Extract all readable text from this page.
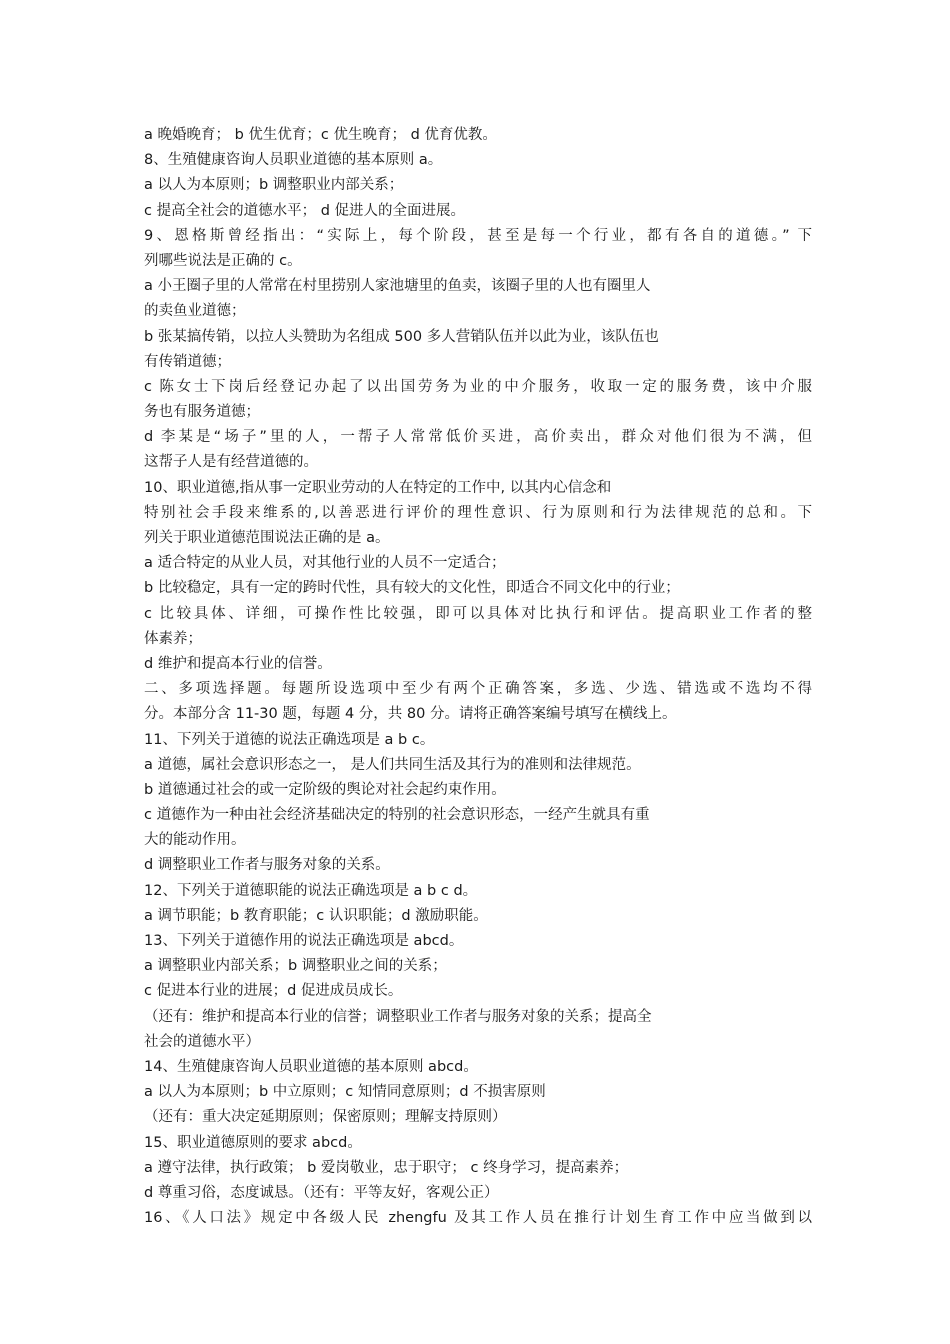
a 晚婚晚育； b 优生优育；c 优生晚育； d 优育优教。
8、生殖健康咨询人员职业道德的基本原则 a。
a 以人为本原则；b 调整职业内部关系；
c 提高全社会的道德水平； d 促进人的全面进展。
9、恩格斯曾经指出：“实际上，每个阶段，甚至是每一个行业，都有各自的道德。” 下
列哪些说法是正确的 c。
a 小王圈子里的人常常在村里捞别人家池塘里的鱼卖，该圈子里的人也有圈里人
的卖鱼业道德；
b 张某搞传销，以拉人头赞助为名组成 500 多人营销队伍并以此为业，该队伍也
有传销道德；
c 陈女士下岗后经登记办起了以出国劳务为业的中介服务，收取一定的服务费，该中介服
务也有服务道德；
d 李某是“场子”里的人，一帮子人常常低价买进，高价卖出，群众对他们很为不满，但
这帮子人是有经营道德的。
10、职业道德,指从事一定职业劳动的人在特定的工作中, 以其内心信念和
特别社会手段来维系的,以善恶进行评价的理性意识、行为原则和行为法律规范的总和。下
列关于职业道德范围说法正确的是 a。
a 适合特定的从业人员，对其他行业的人员不一定适合；
b 比较稳定，具有一定的跨时代性，具有较大的文化性，即适合不同文化中的行业；
c 比较具体、详细，可操作性比较强，即可以具体对比执行和评估。提高职业工作者的整
体素养；
d 维护和提高本行业的信誉。
二、多项选择题。每题所设选项中至少有两个正确答案，多选、少选、错选或不选均不得
分。本部分含 11-30 题，每题 4 分，共 80 分。请将正确答案编号填写在横线上。
11、下列关于道德的说法正确选项是 a b c。
a 道德，属社会意识形态之一， 是人们共同生活及其行为的准则和法律规范。
b 道德通过社会的或一定阶级的舆论对社会起约束作用。
c 道德作为一种由社会经济基础决定的特别的社会意识形态，一经产生就具有重
大的能动作用。
d 调整职业工作者与服务对象的关系。
12、下列关于道德职能的说法正确选项是 a b c d。
a 调节职能；b 教育职能；c 认识职能；d 激励职能。
13、下列关于道德作用的说法正确选项是 abcd。
a 调整职业内部关系；b 调整职业之间的关系；
c 促进本行业的进展；d 促进成员成长。
（还有：维护和提高本行业的信誉；调整职业工作者与服务对象的关系；提高全
社会的道德水平）
14、生殖健康咨询人员职业道德的基本原则 abcd。
a 以人为本原则；b 中立原则；c 知情同意原则；d 不损害原则
（还有：重大决定延期原则；保密原则；理解支持原则）
15、职业道德原则的要求 abcd。
a 遵守法律，执行政策； b 爱岗敬业，忠于职守； c 终身学习，提高素养；
d 尊重习俗，态度诚恳。（还有：平等友好，客观公正）
16、《人口法》规定中各级人民 zhengfu 及其工作人员在推行计划生育工作中应当做到以
